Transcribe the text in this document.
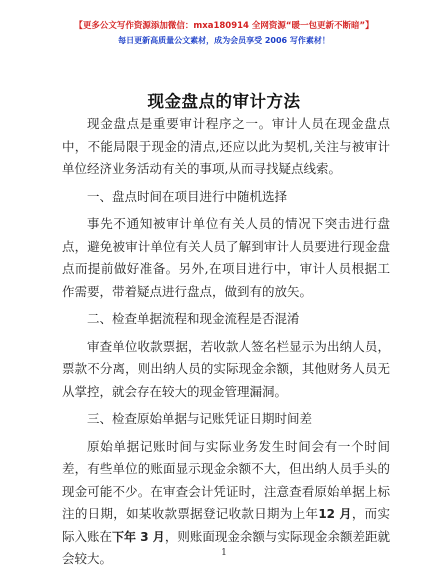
【更多公文写作资源添加微信：mxa180914 全网资源“暖一包更新不断暗”】
每日更新高质量公文素材，成为会员享受 2006 写作素材！
现金盘点的审计方法

现金盘点是重要审计程序之一。审计人员在现金盘点中，不能局限于现金的清点,还应以此为契机,关注与被审计单位经济业务活动有关的事项,从而寻找疑点线索。

一、盘点时间在项目进行中随机选择

事先不通知被审计单位有关人员的情况下突击进行盘点，避免被审计单位有关人员了解到审计人员要进行现金盘点而提前做好准备。另外,在项目进行中，审计人员根据工作需要，带着疑点进行盘点，做到有的放矢。

二、检查单据流程和现金流程是否混淆

审查单位收款票据，若收款人签名栏显示为出纳人员，票款不分离，则出纳人员的实际现金余额，其他财务人员无从掌控，就会存在较大的现金管理漏洞。

三、检查原始单据与记账凭证日期时间差

原始单据记账时间与实际业务发生时间会有一个时间差，有些单位的账面显示现金余额不大，但出纳人员手头的现金可能不少。在审查会计凭证时，注意查看原始单据上标注的日期，如某收款票据登记收款日期为上年12 月，而实际入账在下年 3 月，则账面现金余额与实际现金余额差距就会较大。	1
